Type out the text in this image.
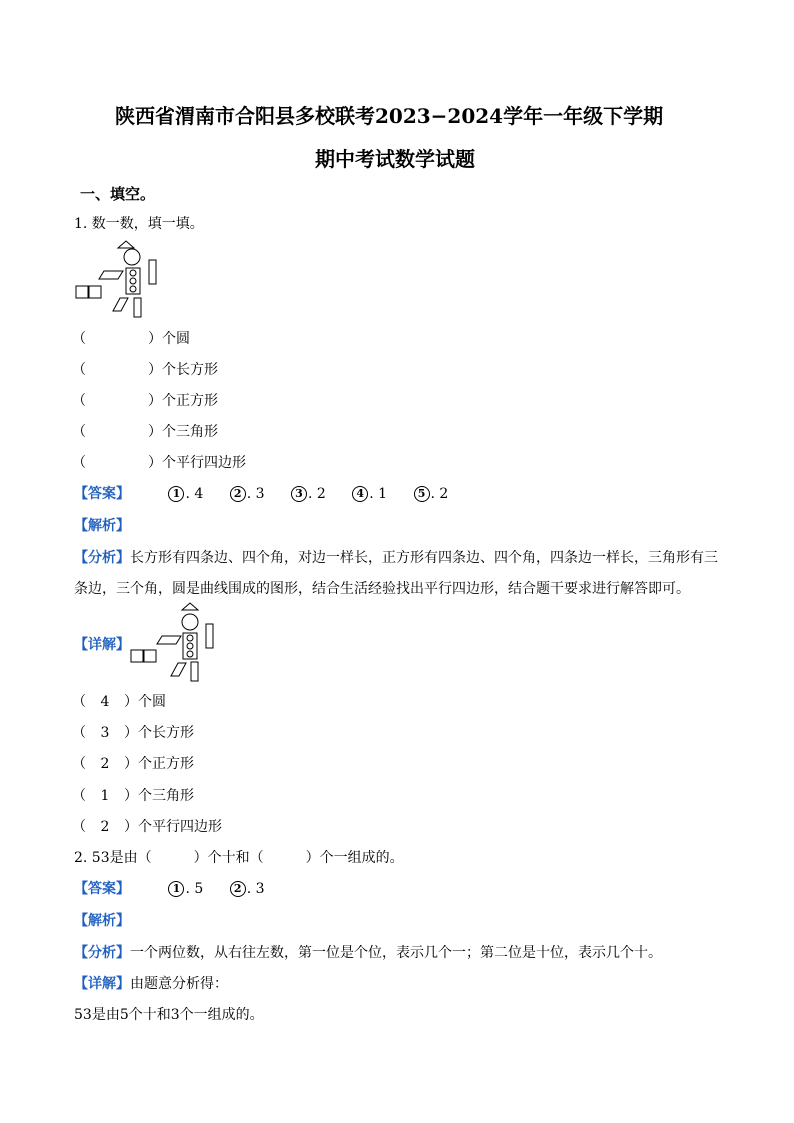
陕西省渭南市合阳县多校联考2023−2024学年一年级下学期
期中考试数学试题
一、填空。
1. 数一数，填一填。
（	）个圆
（	）个长方形
（	）个正方形
（	）个三角形
（	）个平行四边形
【答案】	1 . 4	2 . 3	3 . 2	4 . 1	5 . 2
【解析】
【分析】长方形有四条边、四个角，对边一样长，正方形有四条边、四个角，四条边一样长，三角形有三
条边，三个角，圆是曲线围成的图形，结合生活经验找出平行四边形，结合题干要求进行解答即可。
【详解】
（ 4 ）个圆
（ 3 ）个长方形
（ 2 ）个正方形
（ 1 ）个三角形
（ 2 ）个平行四边形
2. 53是由（　　　）个十和（　　　）个一组成的。
【答案】	1 . 5	2 . 3
【解析】
【分析】一个两位数，从右往左数，第一位是个位，表示几个一；第二位是十位，表示几个十。
【详解】由题意分析得：
53是由5个十和3个一组成的。
